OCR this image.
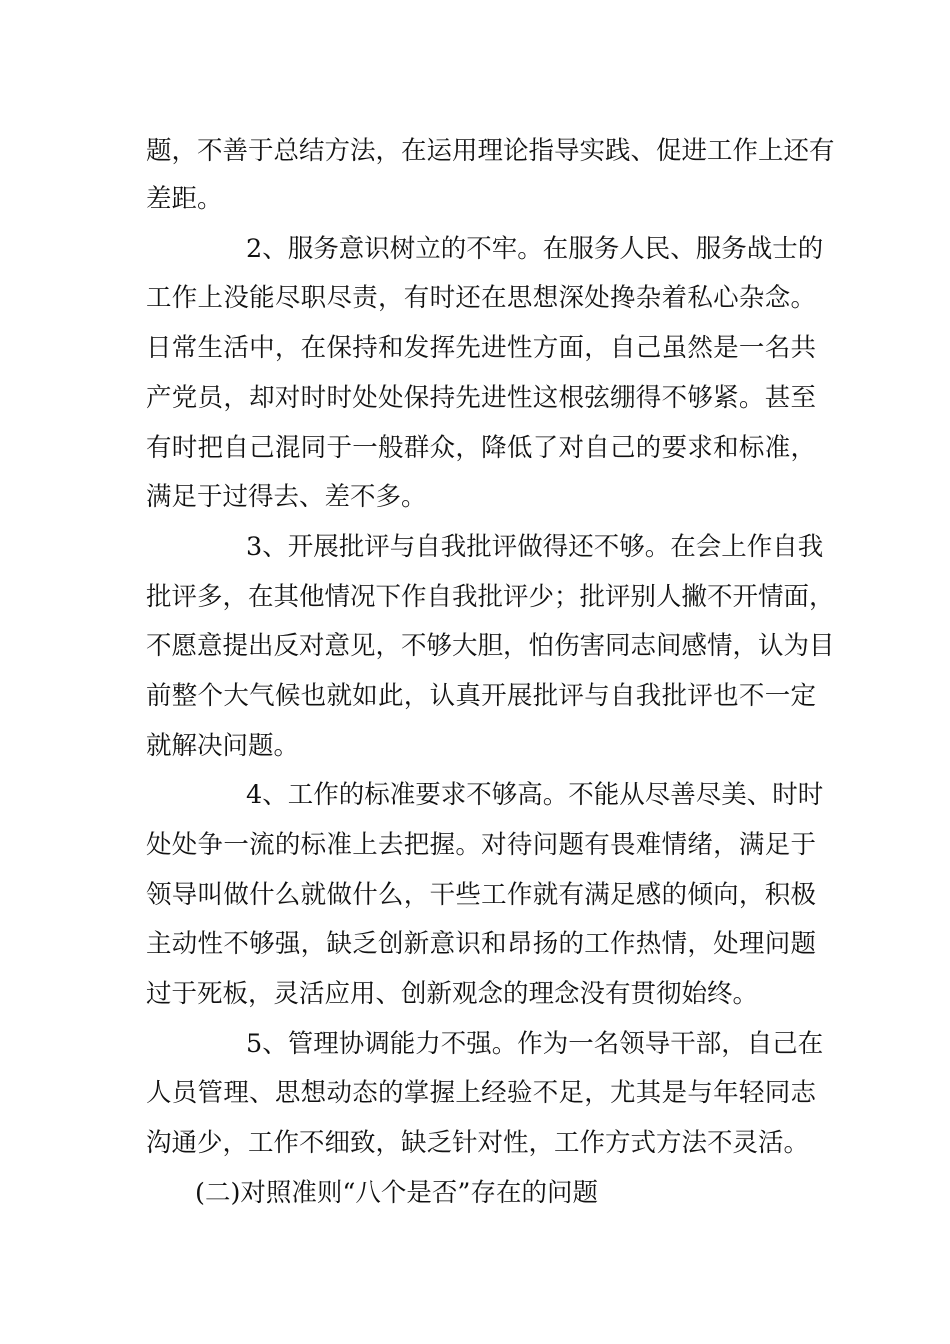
题，不善于总结方法，在运用理论指导实践、促进工作上还有
差距。
2、服务意识树立的不牢。在服务人民、服务战士的
工作上没能尽职尽责，有时还在思想深处搀杂着私心杂念。
日常生活中，在保持和发挥先进性方面，自己虽然是一名共
产党员，却对时时处处保持先进性这根弦绷得不够紧。甚至
有时把自己混同于一般群众，降低了对自己的要求和标准，
满足于过得去、差不多。
3、开展批评与自我批评做得还不够。在会上作自我
批评多，在其他情况下作自我批评少；批评别人撇不开情面，
不愿意提出反对意见，不够大胆，怕伤害同志间感情，认为目
前整个大气候也就如此，认真开展批评与自我批评也不一定
就解决问题。
4、工作的标准要求不够高。不能从尽善尽美、时时
处处争一流的标准上去把握。对待问题有畏难情绪，满足于
领导叫做什么就做什么，干些工作就有满足感的倾向，积极
主动性不够强，缺乏创新意识和昂扬的工作热情，处理问题
过于死板，灵活应用、创新观念的理念没有贯彻始终。
5、管理协调能力不强。作为一名领导干部，自己在
人员管理、思想动态的掌握上经验不足，尤其是与年轻同志
沟通少，工作不细致，缺乏针对性，工作方式方法不灵活。
(二)对照准则“八个是否”存在的问题
